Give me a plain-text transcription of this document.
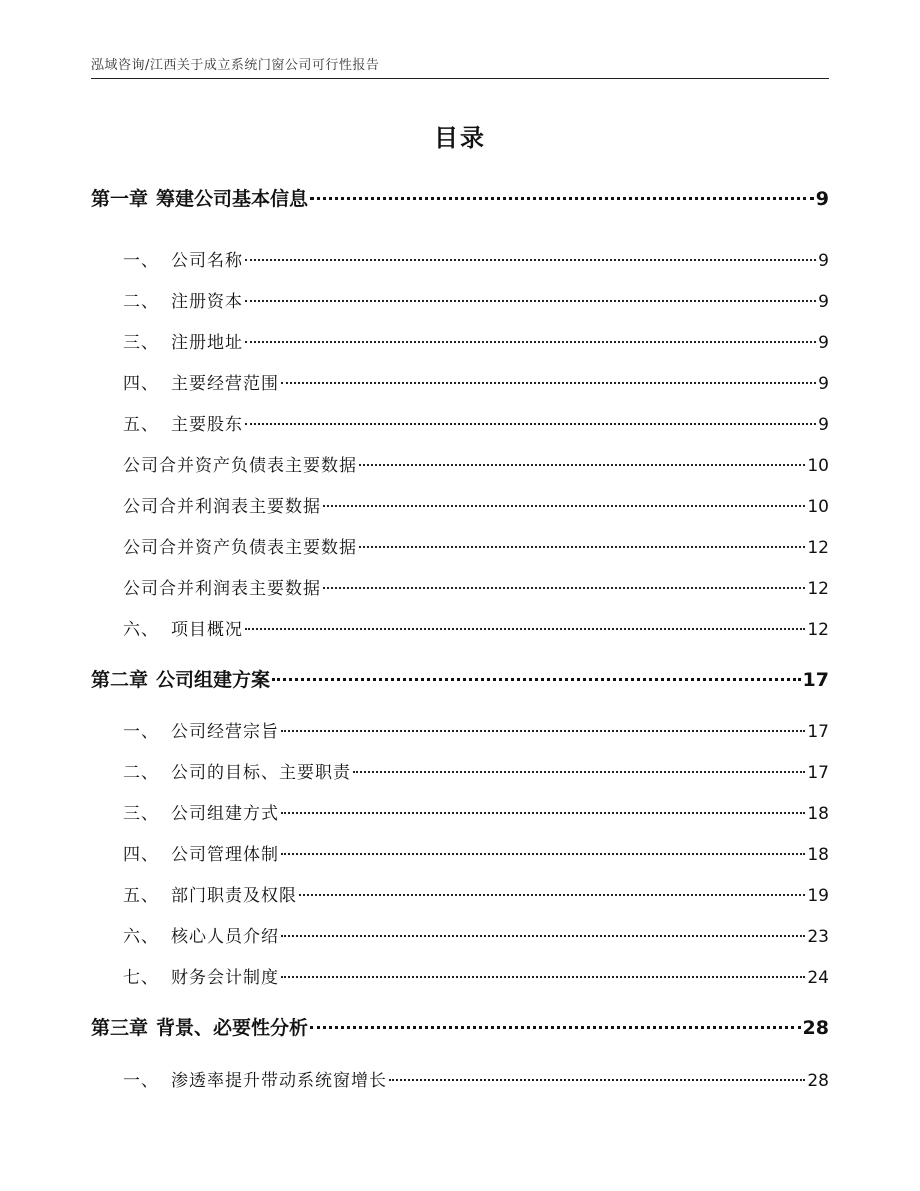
泓域咨询/江西关于成立系统门窗公司可行性报告
目录
第一章 筹建公司基本信息	9
一、 公司名称	9
二、 注册资本	9
三、 注册地址	9
四、 主要经营范围	9
五、 主要股东	9
公司合并资产负债表主要数据	10
公司合并利润表主要数据	10
公司合并资产负债表主要数据	12
公司合并利润表主要数据	12
六、 项目概况	12
第二章 公司组建方案	17
一、 公司经营宗旨	17
二、 公司的目标、主要职责	17
三、 公司组建方式	18
四、 公司管理体制	18
五、 部门职责及权限	19
六、 核心人员介绍	23
七、 财务会计制度	24
第三章 背景、必要性分析	28
一、 渗透率提升带动系统窗增长	28
